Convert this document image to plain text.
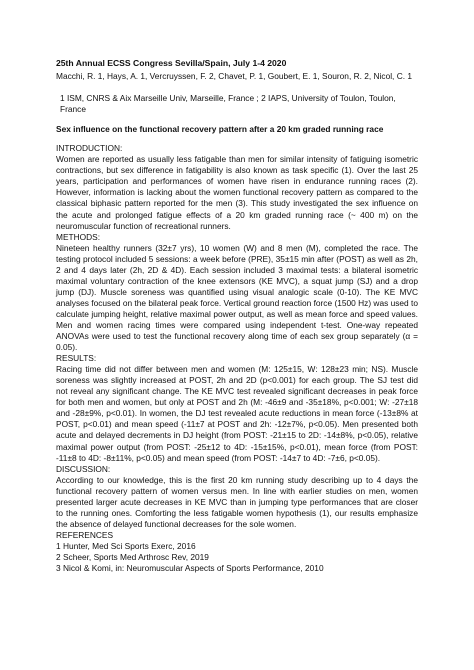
25th Annual ECSS Congress Sevilla/Spain, July 1-4 2020

Macchi, R. 1, Hays, A. 1, Vercruyssen, F. 2, Chavet, P. 1, Goubert, E. 1, Souron, R. 2, Nicol, C. 1

1 ISM, CNRS & Aix Marseille Univ, Marseille, France ; 2 IAPS, University of Toulon, Toulon, France

Sex influence on the functional recovery pattern after a 20 km graded running race

INTRODUCTION:

Women are reported as usually less fatigable than men for similar intensity of fatiguing isometric contractions, but sex difference in fatigability is also known as task specific (1). Over the last 25 years, participation and performances of women have risen in endurance running races (2). However, information is lacking about the women functional recovery pattern as compared to the classical biphasic pattern reported for the men (3). This study investigated the sex influence on the acute and prolonged fatigue effects of a 20 km graded running race (~ 400 m) on the neuromuscular function of recreational runners.

METHODS:

Nineteen healthy runners (32±7 yrs), 10 women (W) and 8 men (M), completed the race. The testing protocol included 5 sessions: a week before (PRE), 35±15 min after (POST) as well as 2h, 2 and 4 days later (2h, 2D & 4D). Each session included 3 maximal tests: a bilateral isometric maximal voluntary contraction of the knee extensors (KE MVC), a squat jump (SJ) and a drop jump (DJ). Muscle soreness was quantified using visual analogic scale (0-10). The KE MVC analyses focused on the bilateral peak force. Vertical ground reaction force (1500 Hz) was used to calculate jumping height, relative maximal power output, as well as mean force and speed values. Men and women racing times were compared using independent t-test. One-way repeated ANOVAs were used to test the functional recovery along time of each sex group separately (α = 0.05).

RESULTS:

Racing time did not differ between men and women (M: 125±15, W: 128±23 min; NS). Muscle soreness was slightly increased at POST, 2h and 2D (p<0.001) for each group. The SJ test did not reveal any significant change. The KE MVC test revealed significant decreases in peak force for both men and women, but only at POST and 2h (M: -46±9 and -35±18%, p<0.001; W: -27±18 and -28±9%, p<0.01). In women, the DJ test revealed acute reductions in mean force (-13±8% at POST, p<0.01) and mean speed (-11±7 at POST and 2h: -12±7%, p<0.05). Men presented both acute and delayed decrements in DJ height (from POST: -21±15 to 2D: -14±8%, p<0.05), relative maximal power output (from POST: -25±12 to 4D: -15±15%, p<0.01), mean force (from POST: -11±8 to 4D: -8±11%, p<0.05) and mean speed (from POST: -14±7 to 4D: -7±6, p<0.05).

DISCUSSION:

According to our knowledge, this is the first 20 km running study describing up to 4 days the functional recovery pattern of women versus men. In line with earlier studies on men, women presented larger acute decreases in KE MVC than in jumping type performances that are closer to the running ones. Comforting the less fatigable women hypothesis (1), our results emphasize the absence of delayed functional decreases for the sole women.

REFERENCES

1 Hunter, Med Sci Sports Exerc, 2016
2 Scheer, Sports Med Arthrosc Rev, 2019
3 Nicol & Komi, in: Neuromuscular Aspects of Sports Performance, 2010
